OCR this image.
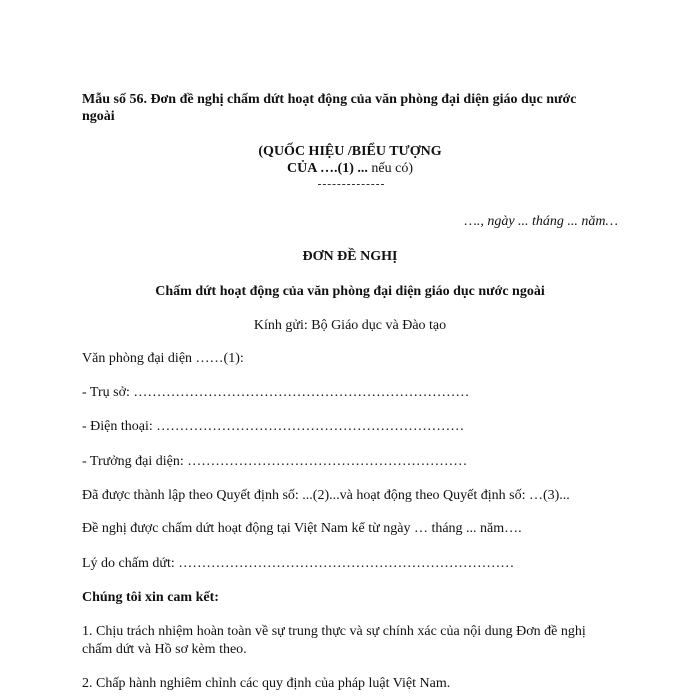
Mẫu số 56. Đơn đề nghị chấm dứt hoạt động của văn phòng đại diện giáo dục nước
ngoài
(QUỐC HIỆU /BIỂU TƯỢNG
CỦA ….(1) ... nếu có)
…., ngày ... tháng ... năm…
ĐƠN ĐỀ NGHỊ
Chấm dứt hoạt động của văn phòng đại diện giáo dục nước ngoài
Kính gửi: Bộ Giáo dục và Đào tạo
Văn phòng đại diện ……(1):
- Trụ sở: ………………………………………………………………
- Điện thoại: …………………………………………………………
- Trưởng đại diện: ……………………………………………………
Đã được thành lập theo Quyết định số: ...(2)...và hoạt động theo Quyết định số: …(3)...
Đề nghị được chấm dứt hoạt động tại Việt Nam kể từ ngày … tháng ... năm….
Lý do chấm dứt: ………………………………………………………………
Chúng tôi xin cam kết:
1. Chịu trách nhiệm hoàn toàn về sự trung thực và sự chính xác của nội dung Đơn đề nghị
chấm dứt và Hồ sơ kèm theo.
2. Chấp hành nghiêm chỉnh các quy định của pháp luật Việt Nam.
